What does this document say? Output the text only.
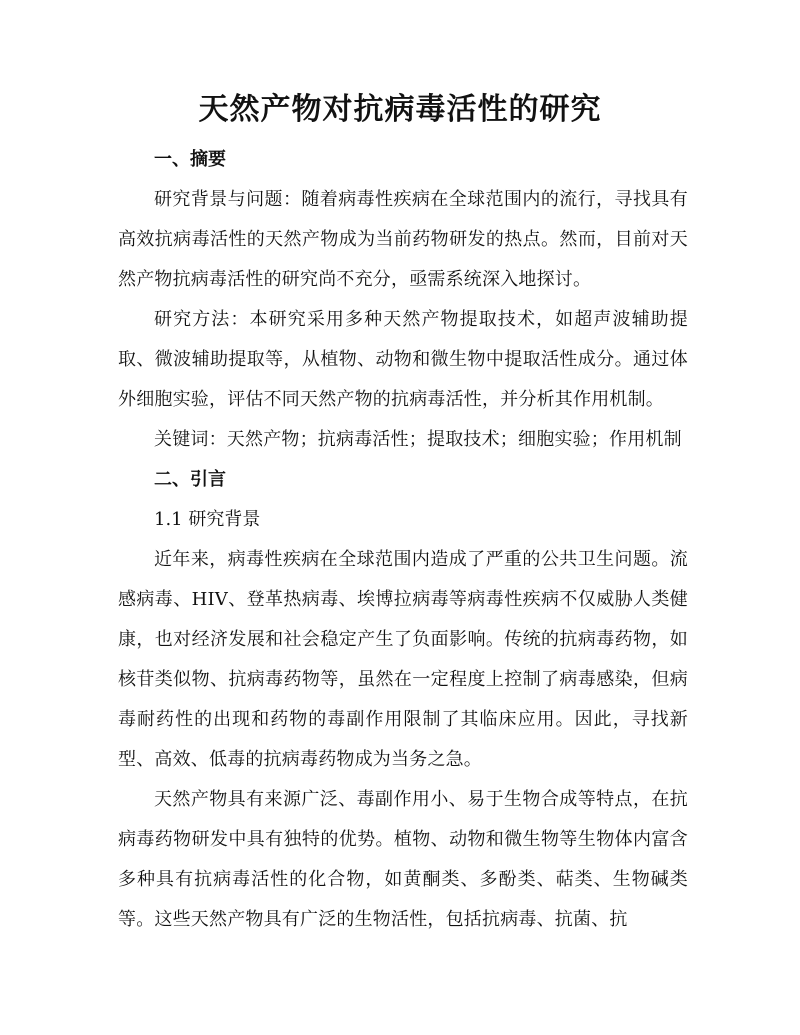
天然产物对抗病毒活性的研究

一、摘要

研究背景与问题：随着病毒性疾病在全球范围内的流行，寻找具有高效抗病毒活性的天然产物成为当前药物研发的热点。然而，目前对天然产物抗病毒活性的研究尚不充分，亟需系统深入地探讨。

研究方法：本研究采用多种天然产物提取技术，如超声波辅助提取、微波辅助提取等，从植物、动物和微生物中提取活性成分。通过体外细胞实验，评估不同天然产物的抗病毒活性，并分析其作用机制。

关键词：天然产物；抗病毒活性；提取技术；细胞实验；作用机制

二、引言

1.1 研究背景

近年来，病毒性疾病在全球范围内造成了严重的公共卫生问题。流感病毒、HIV、登革热病毒、埃博拉病毒等病毒性疾病不仅威胁人类健康，也对经济发展和社会稳定产生了负面影响。传统的抗病毒药物，如核苷类似物、抗病毒药物等，虽然在一定程度上控制了病毒感染，但病毒耐药性的出现和药物的毒副作用限制了其临床应用。因此，寻找新型、高效、低毒的抗病毒药物成为当务之急。

天然产物具有来源广泛、毒副作用小、易于生物合成等特点，在抗病毒药物研发中具有独特的优势。植物、动物和微生物等生物体内富含多种具有抗病毒活性的化合物，如黄酮类、多酚类、萜类、生物碱类等。这些天然产物具有广泛的生物活性，包括抗病毒、抗菌、抗
